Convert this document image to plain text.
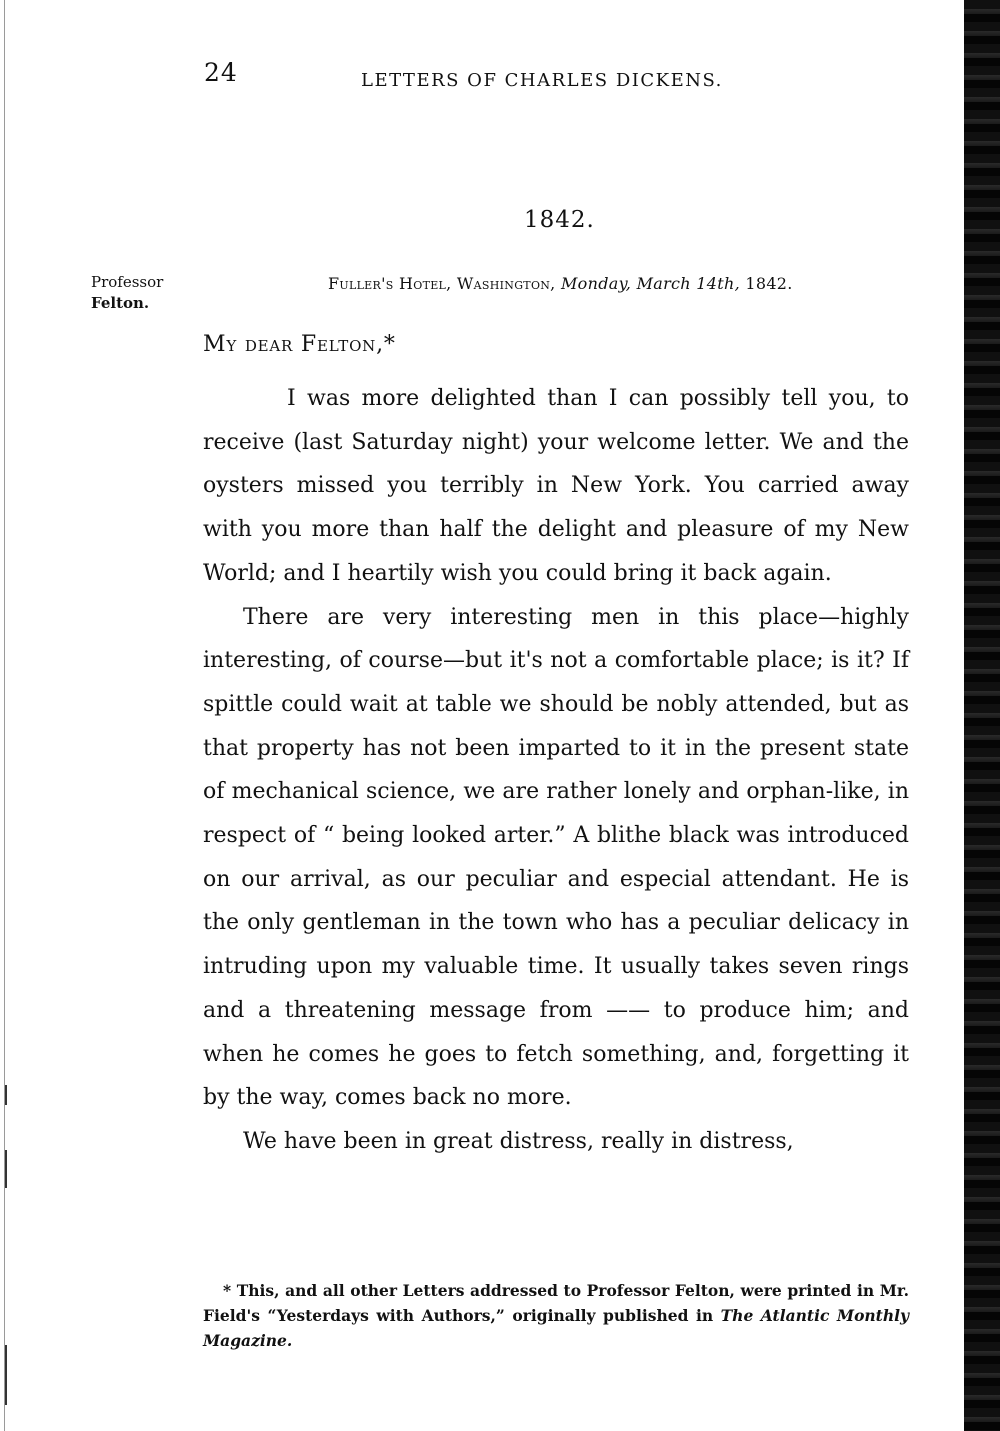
24	LETTERS OF CHARLES DICKENS.
1842.
Professor
Felton.
Fuller's Hotel, Washington, Monday, March 14th, 1842.
My dear Felton,*

I was more delighted than I can possibly tell you, to receive (last Saturday night) your welcome letter. We and the oysters missed you terribly in New York. You carried away with you more than half the delight and pleasure of my New World; and I heartily wish you could bring it back again.

There are very interesting men in this place—highly interesting, of course—but it's not a comfortable place; is it? If spittle could wait at table we should be nobly attended, but as that property has not been imparted to it in the present state of mechanical science, we are rather lonely and orphan-like, in respect of “ being looked arter.” A blithe black was introduced on our arrival, as our peculiar and especial attendant. He is the only gentleman in the town who has a peculiar delicacy in intruding upon my valuable time. It usually takes seven rings and a threatening message from —— to produce him; and when he comes he goes to fetch something, and, forgetting it by the way, comes back no more.

We have been in great distress, really in distress,

* This, and all other Letters addressed to Professor Felton, were printed in Mr. Field's “Yesterdays with Authors,” originally published in The Atlantic Monthly Magazine.
